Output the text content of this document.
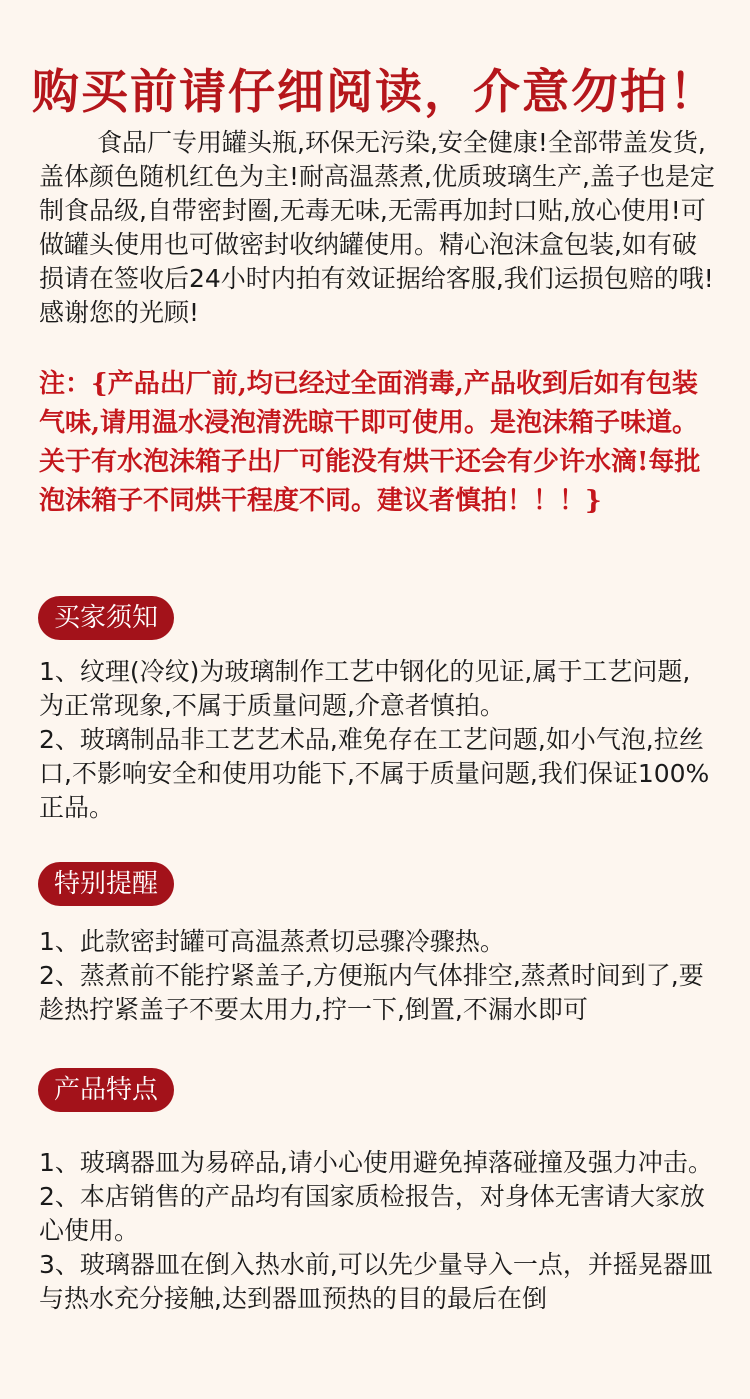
购买前请仔细阅读，介意勿拍！
食品厂专用罐头瓶,环保无污染,安全健康!全部带盖发货,盖体颜色随机红色为主!耐高温蒸煮,优质玻璃生产,盖子也是定制食品级,自带密封圈,无毒无味,无需再加封口贴,放心使用!可做罐头使用也可做密封收纳罐使用。精心泡沫盒包装,如有破损请在签收后24小时内拍有效证据给客服,我们运损包赔的哦!感谢您的光顾!
注：{产品出厂前,均已经过全面消毒,产品收到后如有包装气味,请用温水浸泡清洗晾干即可使用。是泡沫箱子味道。关于有水泡沫箱子出厂可能没有烘干还会有少许水滴!每批泡沫箱子不同烘干程度不同。建议者慎拍！！！}
买家须知

1、纹理(冷纹)为玻璃制作工艺中钢化的见证,属于工艺问题,为正常现象,不属于质量问题,介意者慎拍。

2、玻璃制品非工艺艺术品,难免存在工艺问题,如小气泡,拉丝口,不影响安全和使用功能下,不属于质量问题,我们保证100%正品。

特别提醒

1、此款密封罐可高温蒸煮切忌骤冷骤热。

2、蒸煮前不能拧紧盖子,方便瓶内气体排空,蒸煮时间到了,要趁热拧紧盖子不要太用力,拧一下,倒置,不漏水即可

产品特点

1、玻璃器皿为易碎品,请小心使用避免掉落碰撞及强力冲击。

2、本店销售的产品均有国家质检报告，对身体无害请大家放心使用。

3、玻璃器皿在倒入热水前,可以先少量导入一点，并摇晃器皿与热水充分接触,达到器皿预热的目的最后在倒
